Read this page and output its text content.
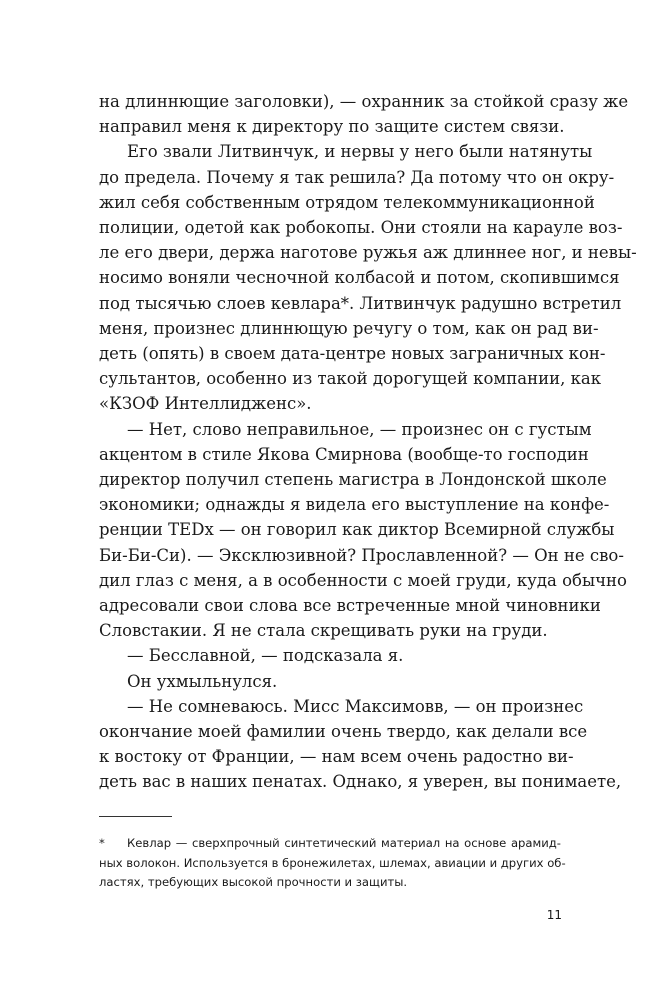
на длиннющие заголовки), — охранник за стойкой сразу же
направил меня к директору по защите систем связи.
Его звали Литвинчук, и нервы у него были натянуты
до предела. Почему я так решила? Да потому что он окру-
жил себя собственным отрядом телекоммуникационной
полиции, одетой как робокопы. Они стояли на карауле воз-
ле его двери, держа наготове ружья аж длиннее ног, и невы-
носимо воняли чесночной колбасой и потом, скопившимся
под тысячью слоев кевлара*. Литвинчук радушно встретил
меня, произнес длиннющую речугу о том, как он рад ви-
деть (опять) в своем дата-центре новых заграничных кон-
сультантов, особенно из такой дорогущей компании, как
«КЗОФ Интеллидженс».
— Нет, слово неправильное, — произнес он с густым
акцентом в стиле Якова Смирнова (вообще-то господин
директор получил степень магистра в Лондонской школе
экономики; однажды я видела его выступление на конфе-
ренции TEDx — он говорил как диктор Всемирной службы
Би-Би-Си). — Эксклюзивной? Прославленной? — Он не сво-
дил глаз с меня, а в особенности с моей груди, куда обычно
адресовали свои слова все встреченные мной чиновники
Словстакии. Я не стала скрещивать руки на груди.
— Бесславной, — подсказала я.
Он ухмыльнулся.
— Не сомневаюсь. Мисс Максимовв, — он произнес
окончание моей фамилии очень твердо, как делали все
к востоку от Франции, — нам всем очень радостно ви-
деть вас в наших пенатах. Однако, я уверен, вы понимаете,
* Кевлар — сверхпрочный синтетический материал на основе арамид-
ных волокон. Используется в бронежилетах, шлемах, авиации и других об-
ластях, требующих высокой прочности и защиты.
11
